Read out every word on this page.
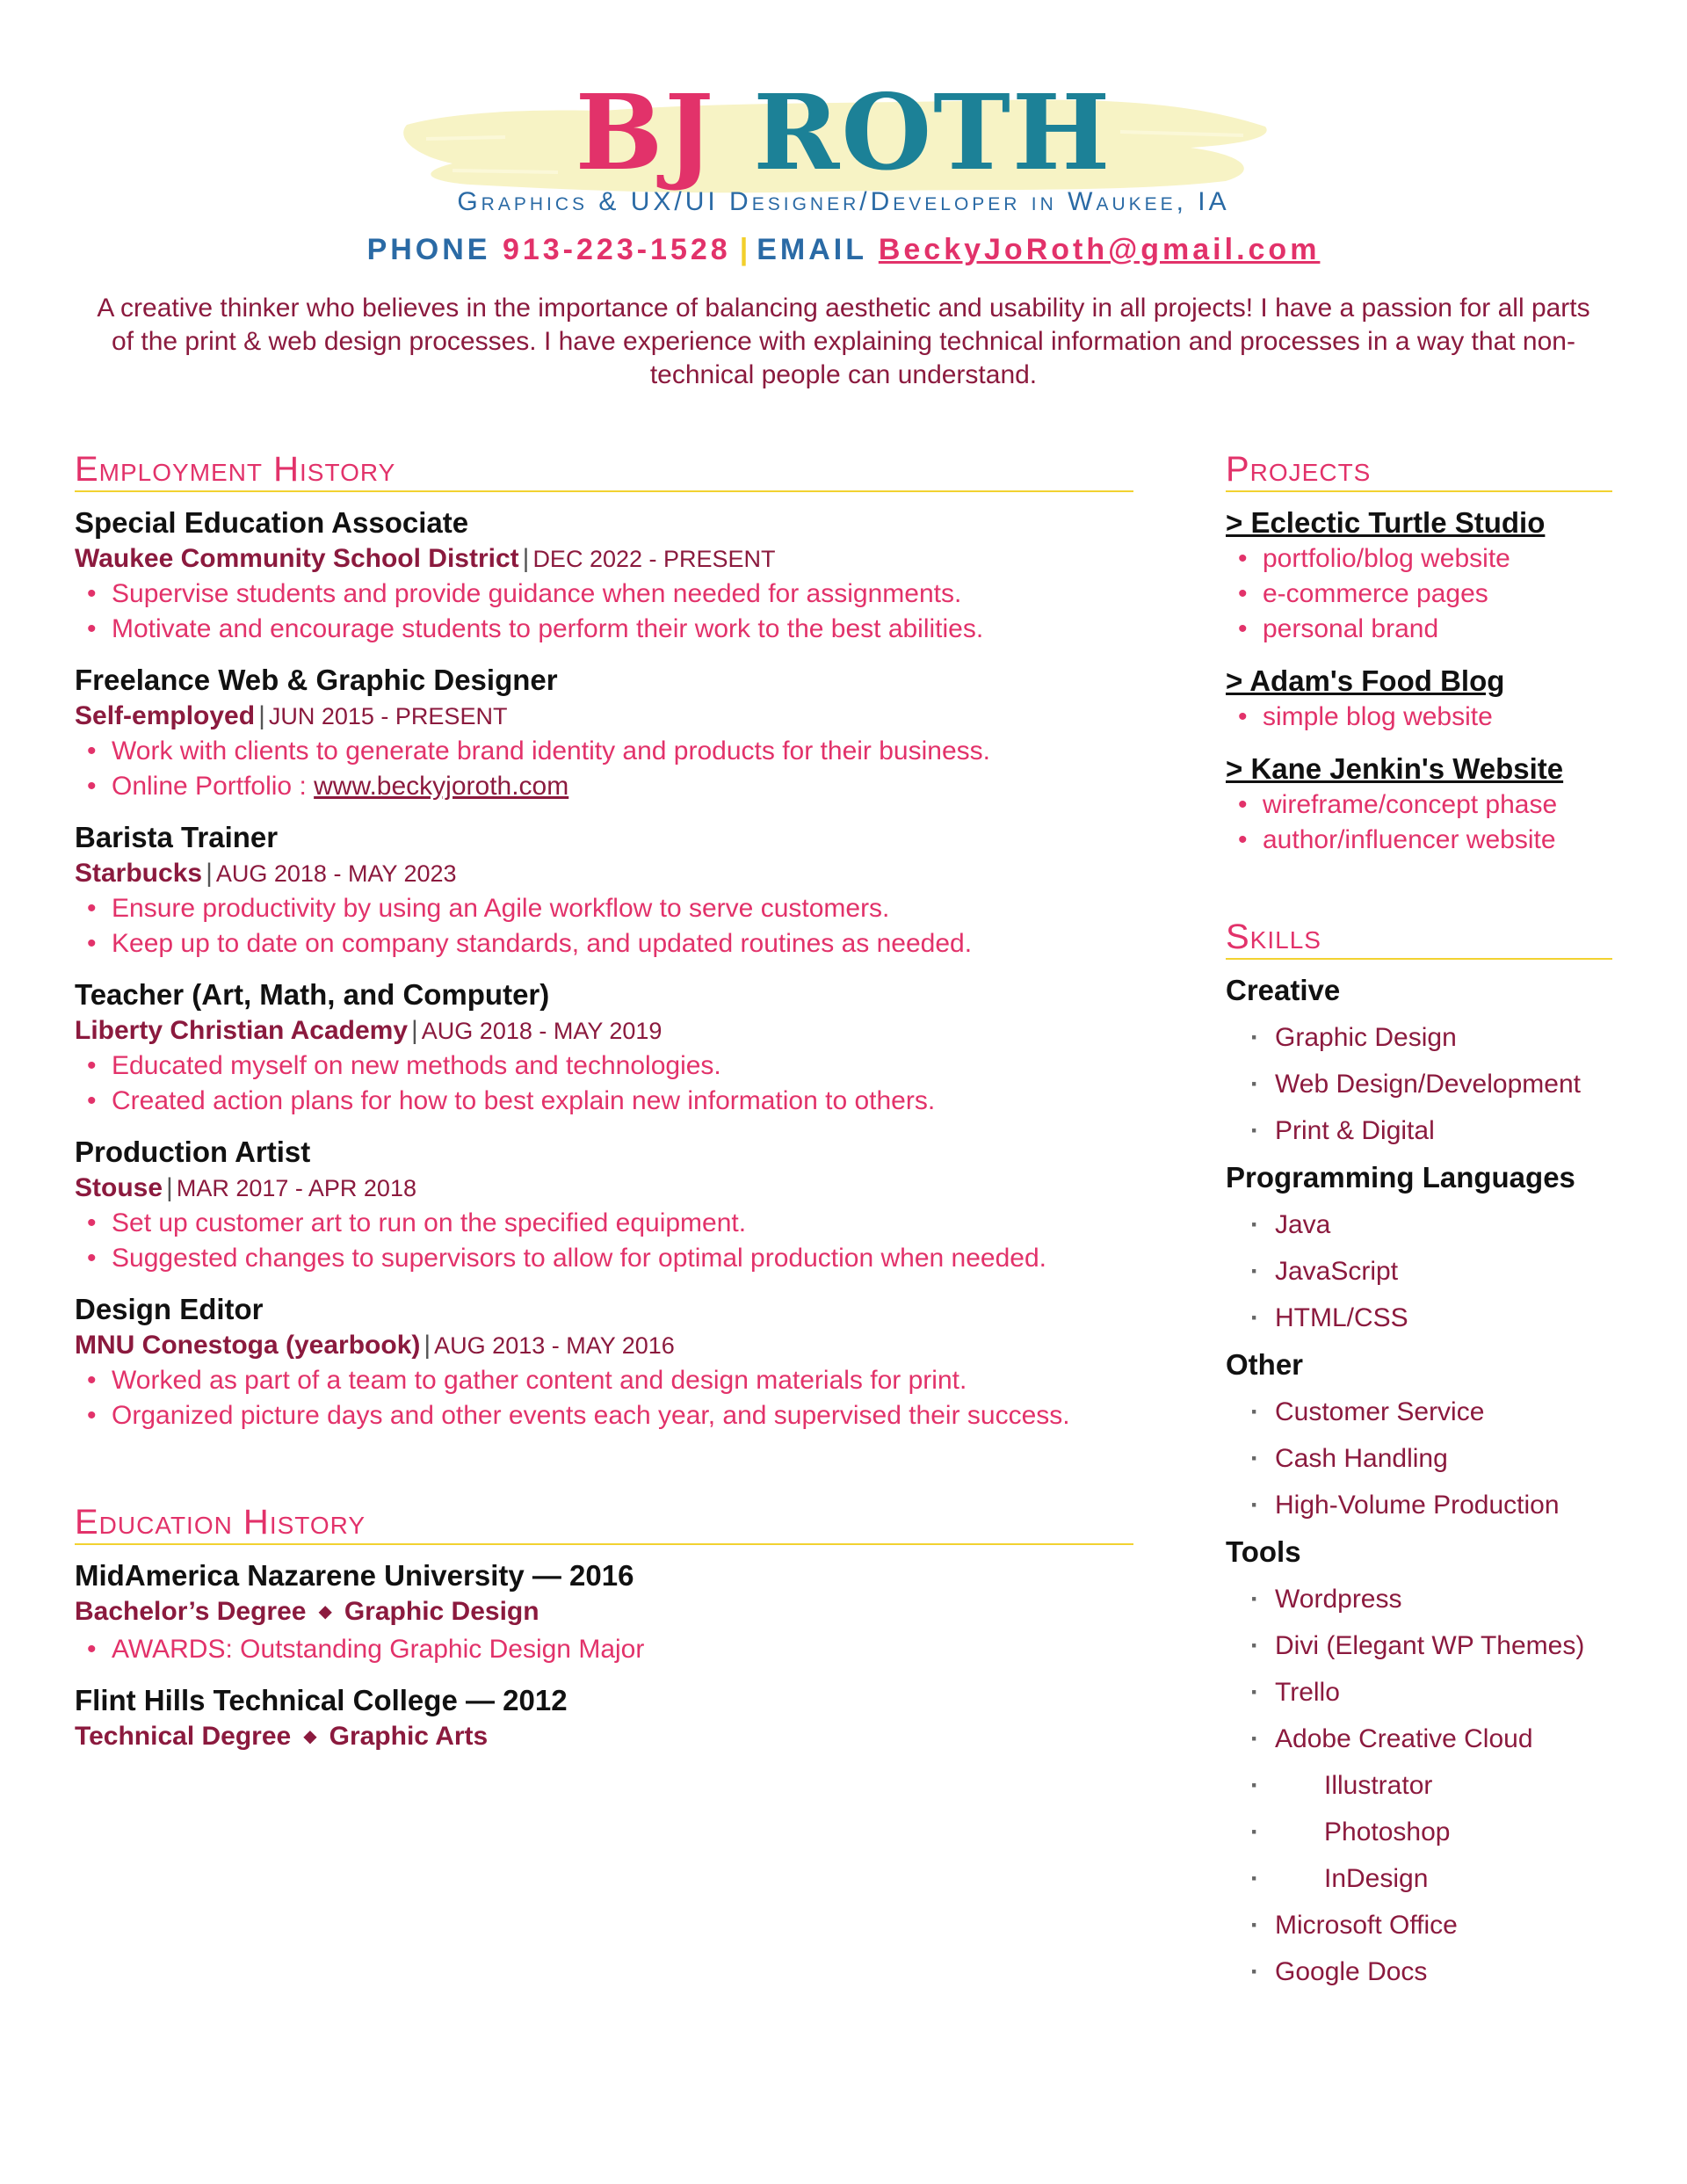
BJ ROTH

Graphics & UX/UI Designer/Developer in Waukee, IA

PHONE 913-223-1528 | EMAIL BeckyJoRoth@gmail.com

A creative thinker who believes in the importance of balancing aesthetic and usability in all projects! I have a passion for all parts of the print & web design processes. I have experience with explaining technical information and processes in a way that non-technical people can understand.

Employment History

Special Education Associate

Waukee Community School District | DEC 2022 - PRESENT

• Supervise students and provide guidance when needed for assignments.
• Motivate and encourage students to perform their work to the best abilities.

Freelance Web & Graphic Designer

Self-employed | JUN 2015 - PRESENT

• Work with clients to generate brand identity and products for their business.
• Online Portfolio : www.beckyjoroth.com

Barista Trainer

Starbucks | AUG 2018 - MAY 2023

• Ensure productivity by using an Agile workflow to serve customers.
• Keep up to date on company standards, and updated routines as needed.

Teacher (Art, Math, and Computer)

Liberty Christian Academy | AUG 2018 - MAY 2019

• Educated myself on new methods and technologies.
• Created action plans for how to best explain new information to others.

Production Artist

Stouse | MAR 2017 - APR 2018

• Set up customer art to run on the specified equipment.
• Suggested changes to supervisors to allow for optimal production when needed.

Design Editor

MNU Conestoga (yearbook) | AUG 2013 - MAY 2016

• Worked as part of a team to gather content and design materials for print.
• Organized picture days and other events each year, and supervised their success.
Education History

MidAmerica Nazarene University — 2016

Bachelor’s Degree ◆ Graphic Design

• AWARDS: Outstanding Graphic Design Major

Flint Hills Technical College — 2012

Technical Degree ◆ Graphic Arts

Projects

> Eclectic Turtle Studio

• portfolio/blog website
• e-commerce pages
• personal brand

> Adam's Food Blog

• simple blog website

> Kane Jenkin's Website

• wireframe/concept phase
• author/influencer website
Skills

Creative

· Graphic Design
· Web Design/Development
· Print & Digital

Programming Languages

· Java
· JavaScript
· HTML/CSS

Other

· Customer Service
· Cash Handling
· High-Volume Production

Tools

· Wordpress
· Divi (Elegant WP Themes)
· Trello
· Adobe Creative Cloud
· Illustrator
· Photoshop
· InDesign
· Microsoft Office
· Google Docs
